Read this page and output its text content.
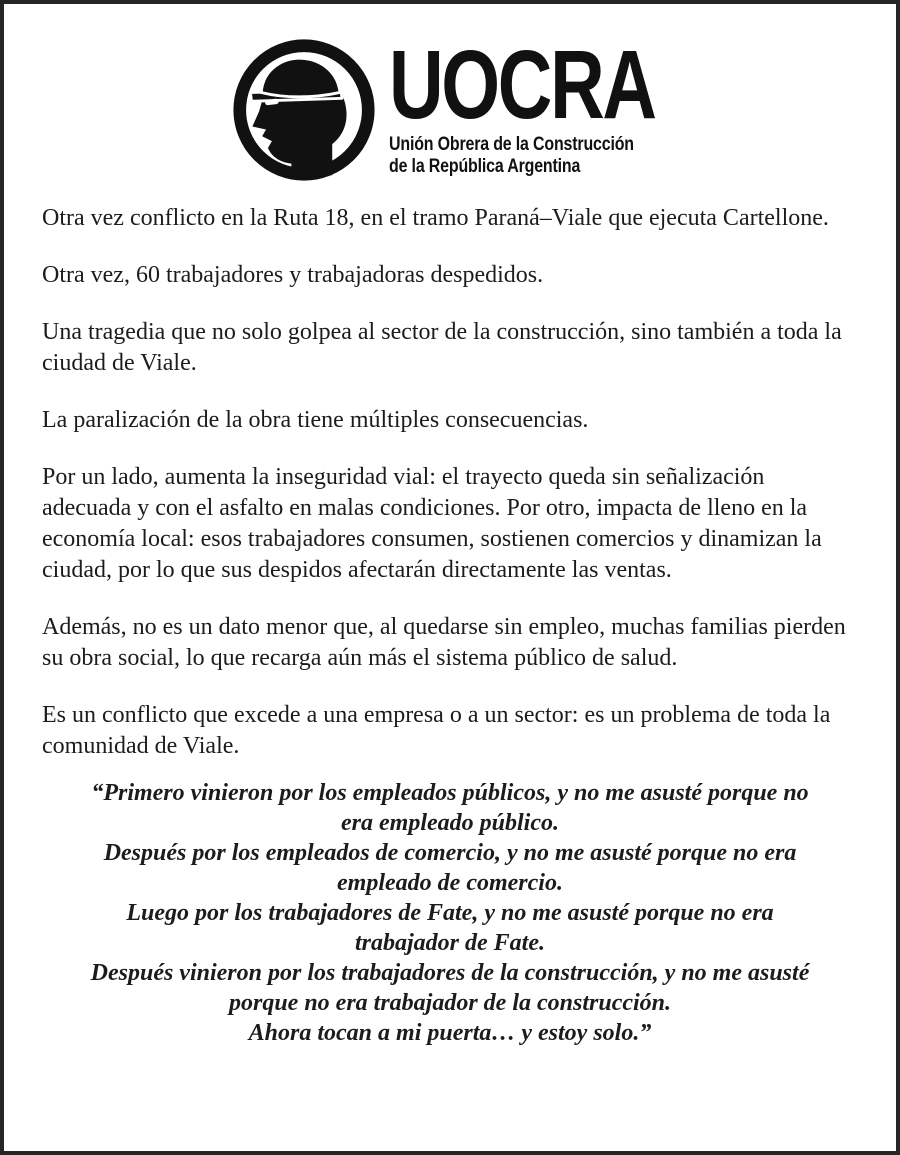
UOCRA
Unión Obrera de la Construcción
de la República Argentina

Otra vez conflicto en la Ruta 18, en el tramo Paraná–Viale que ejecuta Cartellone.

Otra vez, 60 trabajadores y trabajadoras despedidos.

Una tragedia que no solo golpea al sector de la construcción, sino también a toda la ciudad de Viale.

La paralización de la obra tiene múltiples consecuencias.

Por un lado, aumenta la inseguridad vial: el trayecto queda sin señalización adecuada y con el asfalto en malas condiciones. Por otro, impacta de lleno en la economía local: esos trabajadores consumen, sostienen comercios y dinamizan la ciudad, por lo que sus despidos afectarán directamente las ventas.

Además, no es un dato menor que, al quedarse sin empleo, muchas familias pierden su obra social, lo que recarga aún más el sistema público de salud.

Es un conflicto que excede a una empresa o a un sector: es un problema de toda la comunidad de Viale.

“Primero vinieron por los empleados públicos, y no me asusté porque no
era empleado público.
Después por los empleados de comercio, y no me asusté porque no era
empleado de comercio.
Luego por los trabajadores de Fate, y no me asusté porque no era
trabajador de Fate.
Después vinieron por los trabajadores de la construcción, y no me asusté
porque no era trabajador de la construcción.
Ahora tocan a mi puerta… y estoy solo.”
